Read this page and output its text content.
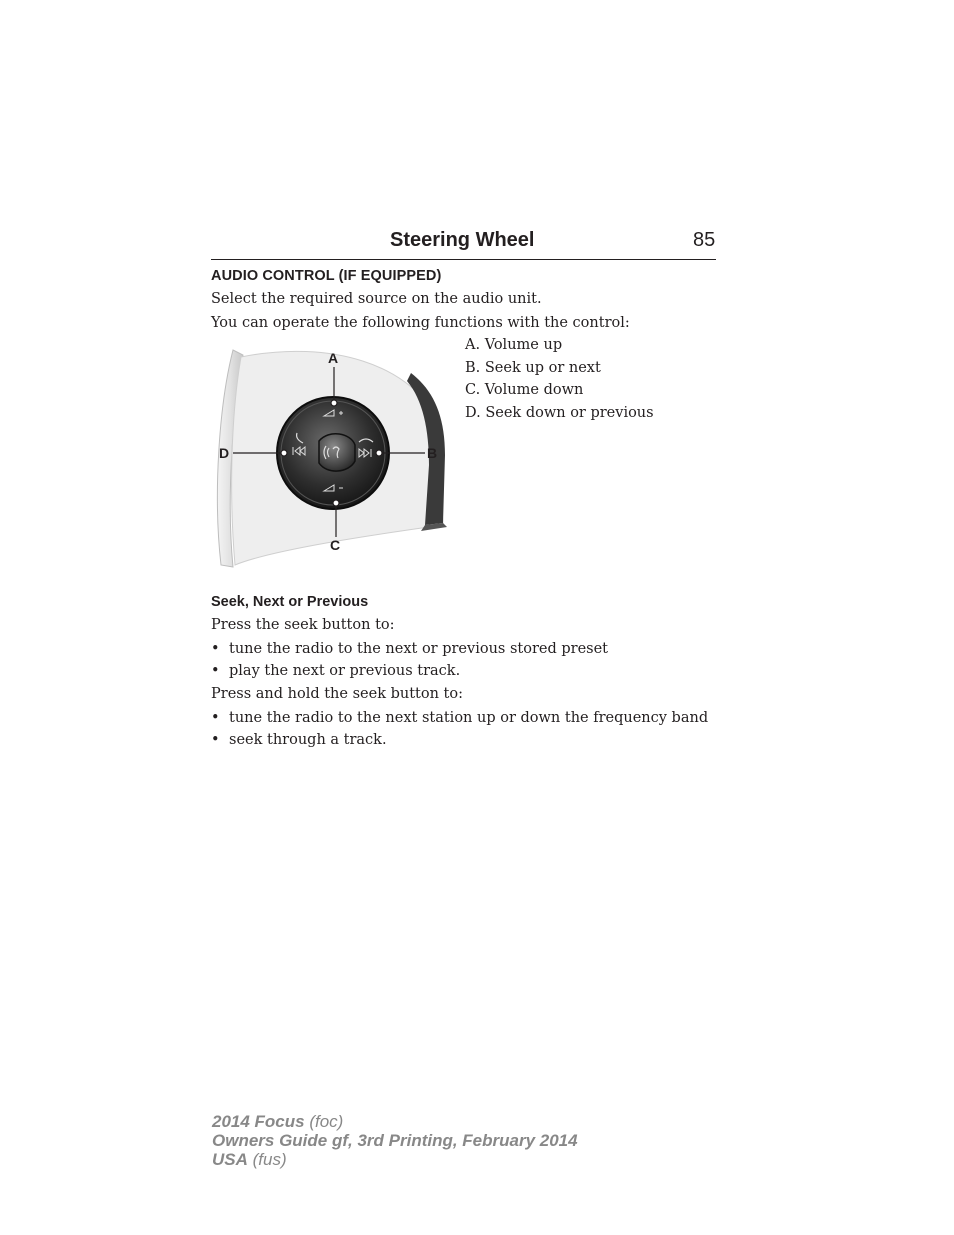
Steering Wheel	85
AUDIO CONTROL (IF EQUIPPED)
Select the required source on the audio unit.
You can operate the following functions with the control:
A
B
C
D
A. Volume up
B. Seek up or next
C. Volume down
D. Seek down or previous
Seek, Next or Previous
Press the seek button to:
• tune the radio to the next or previous stored preset
• play the next or previous track.
Press and hold the seek button to:
• tune the radio to the next station up or down the frequency band
• seek through a track.
2014 Focus (foc)
Owners Guide gf, 3rd Printing, February 2014
USA (fus)
